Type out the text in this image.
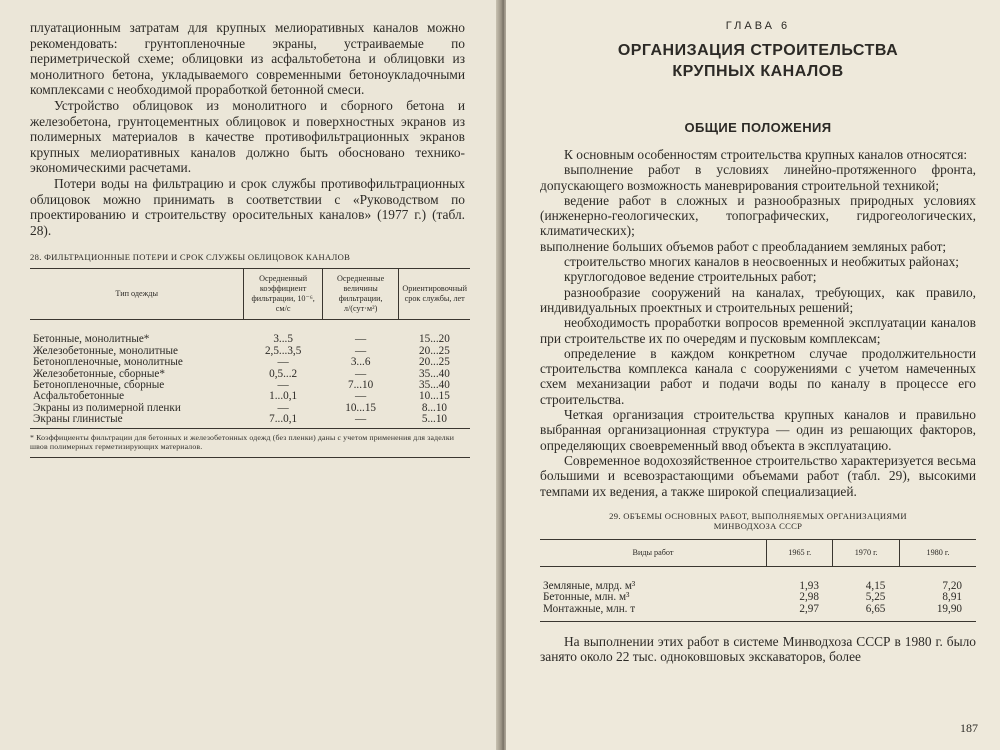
плуатационным затратам для крупных мелиоративных каналов можно рекомендовать: грунтопленочные экраны, устраиваемые по периметрической схеме; облицовки из асфальтобетона и облицовки из монолитного бетона, укладываемого современными бетоноукладочными комплексами с необходимой проработкой бетонной смеси.

Устройство облицовок из монолитного и сборного бетона и железобетона, грунтоцементных облицовок и поверхностных экранов из полимерных материалов в качестве противофильтрационных экранов крупных мелиоративных каналов должно быть обосновано технико-экономическими расчетами.

Потери воды на фильтрацию и срок службы противофильтрационных облицовок можно принимать в соответствии с «Руководством по проектированию и строительству оросительных каналов» (1977 г.) (табл. 28).

28. ФИЛЬТРАЦИОННЫЕ ПОТЕРИ И СРОК СЛУЖБЫ ОБЛИЦОВОК КАНАЛОВ
Тип одежды	Осредненный коэффициент фильтрации, 10⁻⁶, см/с	Осредненные величины фильтрации, л/(сут·м²)	Ориентировочный срок службы, лет
Бетонные, монолитные*	3...5	—	15...20
Железобетонные, монолитные	2,5...3,5	—	20...25
Бетонопленочные, монолитные	—	3...6	20...25
Железобетонные, сборные*	0,5...2	—	35...40
Бетонопленочные, сборные	—	7...10	35...40
Асфальтобетонные	1...0,1	—	10...15
Экраны из полимерной пленки	—	10...15	8...10
Экраны глинистые	7...0,1	—	5...10
* Коэффициенты фильтрации для бетонных и железобетонных одежд (без пленки) даны с учетом применения для заделки швов полимерных герметизирующих материалов.
ГЛАВА 6
ОРГАНИЗАЦИЯ СТРОИТЕЛЬСТВА
КРУПНЫХ КАНАЛОВ
ОБЩИЕ ПОЛОЖЕНИЯ

К основным особенностям строительства крупных каналов относятся:

выполнение работ в условиях линейно-протяженного фронта, допускающего возможность маневрирования строительной техникой;

ведение работ в сложных и разнообразных природных условиях (инженерно-геологических, топографических, гидрогеологических, климатических);

выполнение больших объемов работ с преобладанием земляных работ;

строительство многих каналов в неосвоенных и необжитых районах;

круглогодовое ведение строительных работ;

разнообразие сооружений на каналах, требующих, как правило, индивидуальных проектных и строительных решений;

необходимость проработки вопросов временной эксплуатации каналов при строительстве их по очередям и пусковым комплексам;

определение в каждом конкретном случае продолжительности строительства комплекса канала с сооружениями с учетом намеченных схем механизации работ и подачи воды по каналу в процессе его строительства.

Четкая организация строительства крупных каналов и правильно выбранная организационная структура — один из решающих факторов, определяющих своевременный ввод объекта в эксплуатацию.

Современное водохозяйственное строительство характеризуется весьма большими и всевозрастающими объемами работ (табл. 29), высокими темпами их ведения, а также широкой специализацией.

29. ОБЪЕМЫ ОСНОВНЫХ РАБОТ, ВЫПОЛНЯЕМЫХ ОРГАНИЗАЦИЯМИ
МИНВОДХОЗА СССР
Виды работ	1965 г.	1970 г.	1980 г.
Земляные, млрд. м³	1,93	4,15	7,20
Бетонные, млн. м³	2,98	5,25	8,91
Монтажные, млн. т	2,97	6,65	19,90

На выполнении этих работ в системе Минводхоза СССР в 1980 г. было занято около 22 тыс. одноковшовых экскаваторов, более

187
